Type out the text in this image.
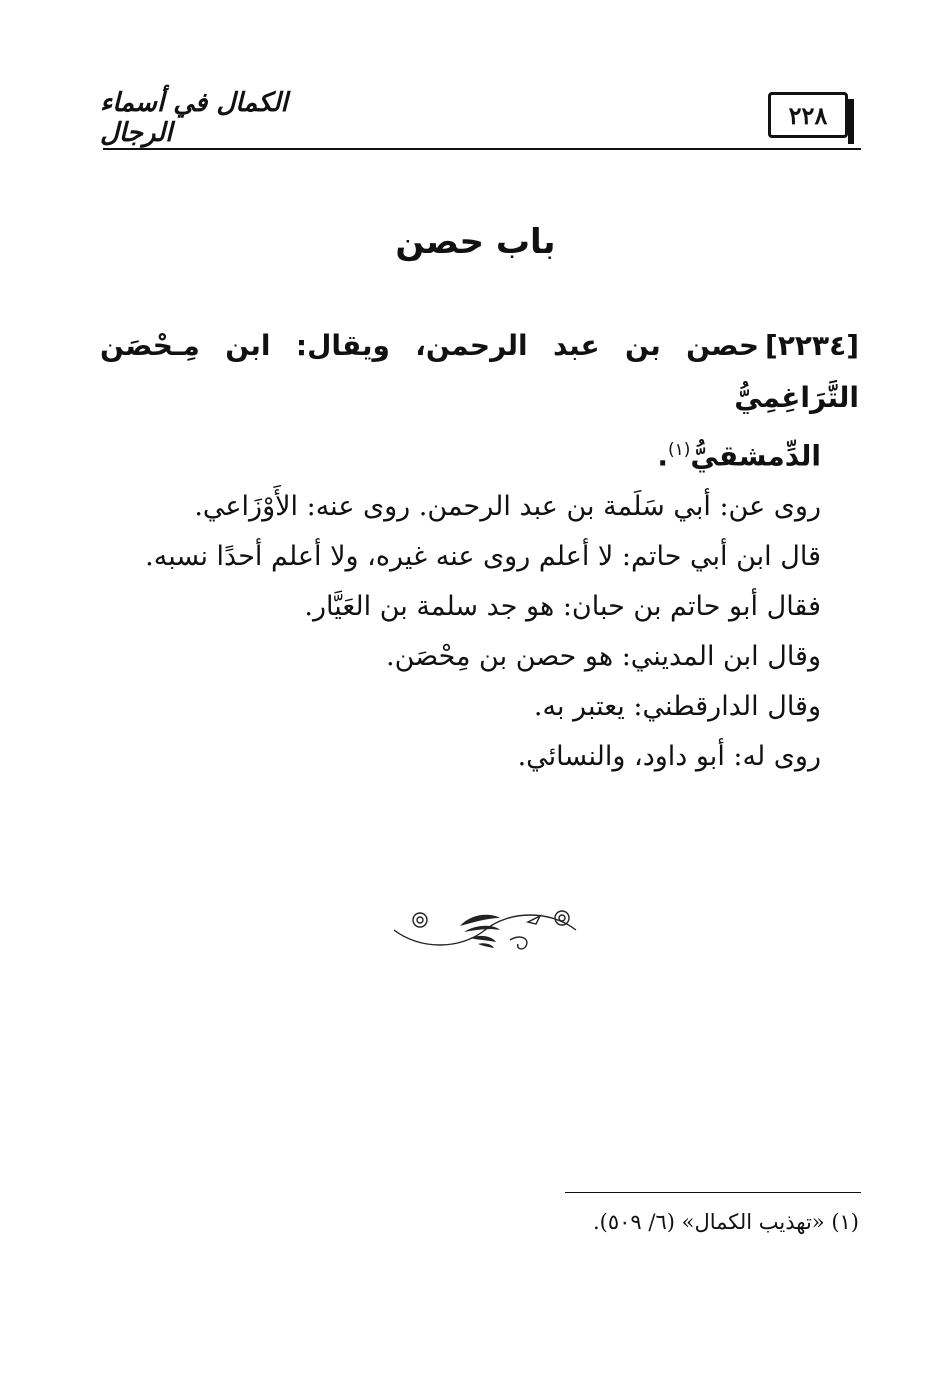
٢٢٨
الكمال في أسماء الرجال
باب حصن
[٢٢٣٤]حصن بن عبد الرحمن، ويقال: ابن مِـحْصَن التَّرَاغِمِيُّ
الدِّمشقيُّ$^{(١)}$.
روى عن: أبي سَلَمة بن عبد الرحمن. روى عنه: الأَوْزَاعي.
قال ابن أبي حاتم: لا أعلم روى عنه غيره، ولا أعلم أحدًا نسبه.
فقال أبو حاتم بن حبان: هو جد سلمة بن العَيَّار.
وقال ابن المديني: هو حصن بن مِحْصَن.
وقال الدارقطني: يعتبر به.
روى له: أبو داود، والنسائي.
(١) «تهذيب الكمال» (٦/ ٥٠٩).
